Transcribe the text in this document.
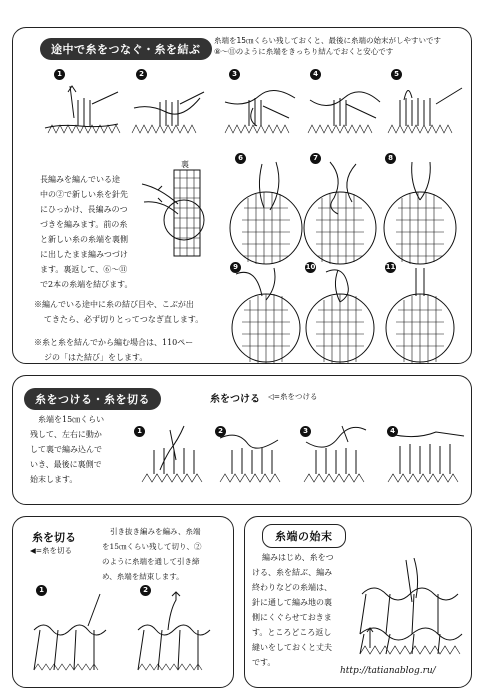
途中で糸をつなぐ・糸を結ぶ
糸端を15㎝くらい残しておくと、最後に糸端の始末がしやすいです
⑧〜⑪のように糸端をきっちり結んでおくと安心です
1	2	3	4	5
長編みを編んでいる途
中の②で新しい糸を針先
にひっかけ、長編みのつ
づきを編みます。前の糸
と新しい糸の糸端を裏側
に出したまま編みつづけ
ます。裏返して、⑥〜⑪
で2本の糸端を結びます。
※編んでいる途中に糸の結び目や、こぶが出
てきたら、必ず切りとってつなぎ直します。
※糸と糸を結んでから編む場合は、110ペー
ジの「はた結び」をします。
裏
6	7	8
9	10	11
糸をつける・糸を切る	糸をつける ◁=糸をつける
糸端を15㎝くらい
残して、左右に動か
して裏で編み込んで
いき、最後に裏側で
始末します。
1	2	3	4
糸を切る
◀=糸を切る
引き抜き編みを編み、糸端
を15㎝くらい残して切り、②
のように糸端を通して引き締
め、糸端を結束します。
1	2
糸端の始末
編みはじめ、糸をつ
ける、糸を結ぶ、編み
終わりなどの糸端は、
針に通して編み地の裏
側にくぐらせておきま
す。ところどころ返し
縫いをしておくと丈夫
です。
http://tatianablog.ru/
